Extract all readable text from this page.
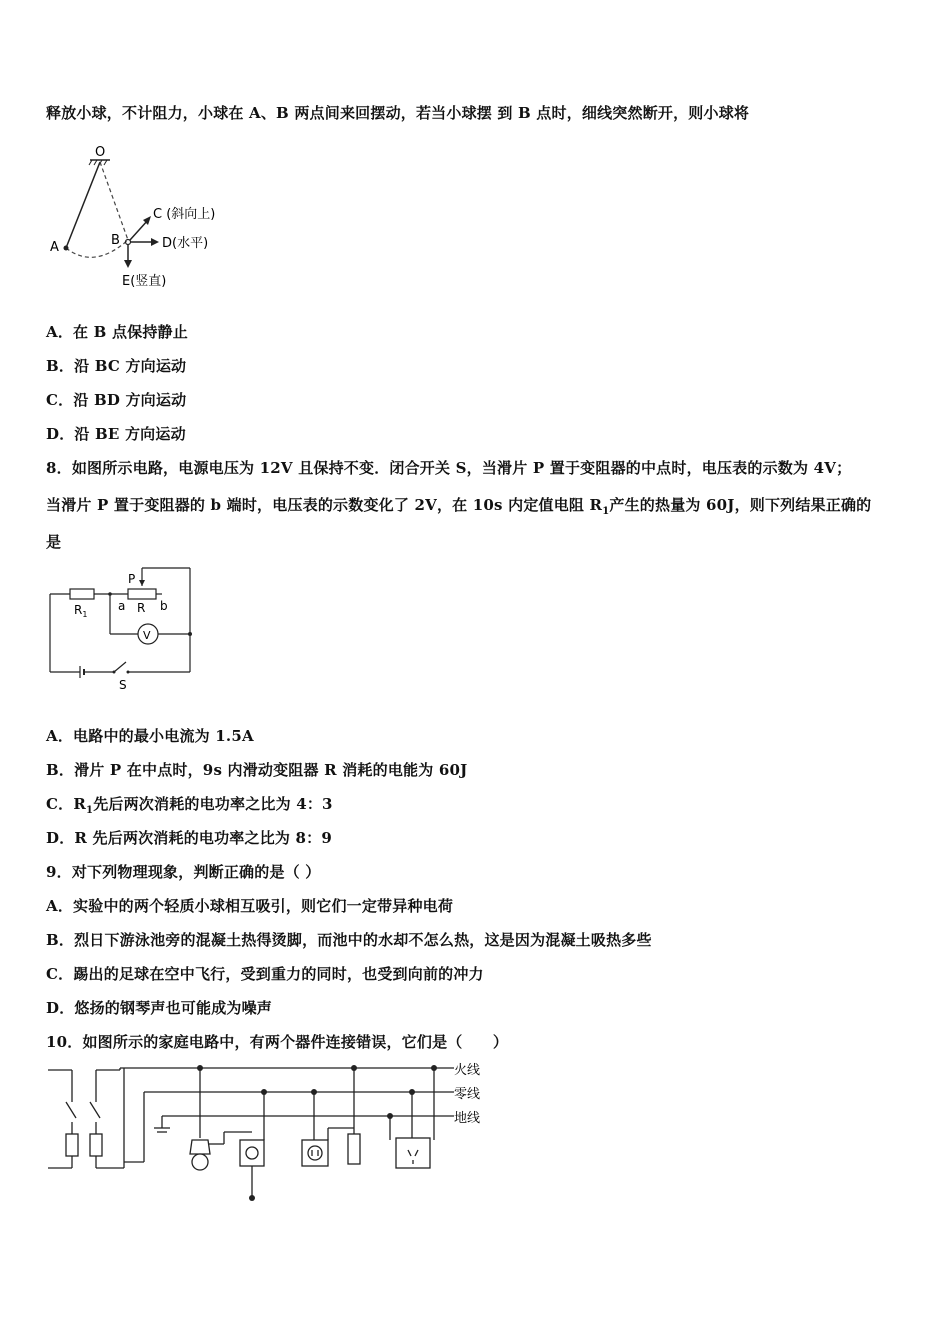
释放小球，不计阻力，小球在 A、B 两点间来回摆动，若当小球摆 到 B 点时，细线突然断开，则小球将
O
A	B
C (斜向上)
D(水平)
E(竖直)
A．在 B 点保持静止
B．沿 BC 方向运动
C．沿 BD 方向运动
D．沿 BE 方向运动
8．如图所示电路，电源电压为 12V 且保持不变．闭合开关 S，当滑片 P 置于变阻器的中点时，电压表的示数为 4V；
当滑片 P 置于变阻器的 b 端时，电压表的示数变化了 2V，在 10s 内定值电阻 $R_1$产生的热量为 60J，则下列结果正确的
是
$R_1$
P
a R b
V
S
A．电路中的最小电流为 1.5A
B．滑片 P 在中点时，9s 内滑动变阻器 R 消耗的电能为 60J
C．$R_1$先后两次消耗的电功率之比为 4：3
D．R 先后两次消耗的电功率之比为 8：9
9．对下列物理现象，判断正确的是（ ）
A．实验中的两个轻质小球相互吸引，则它们一定带异种电荷
B．烈日下游泳池旁的混凝土热得烫脚，而池中的水却不怎么热，这是因为混凝土吸热多些
C．踢出的足球在空中飞行，受到重力的同时，也受到向前的冲力
D．悠扬的钢琴声也可能成为噪声
10．如图所示的家庭电路中，有两个器件连接错误，它们是（　　）
火线
零线
地线
